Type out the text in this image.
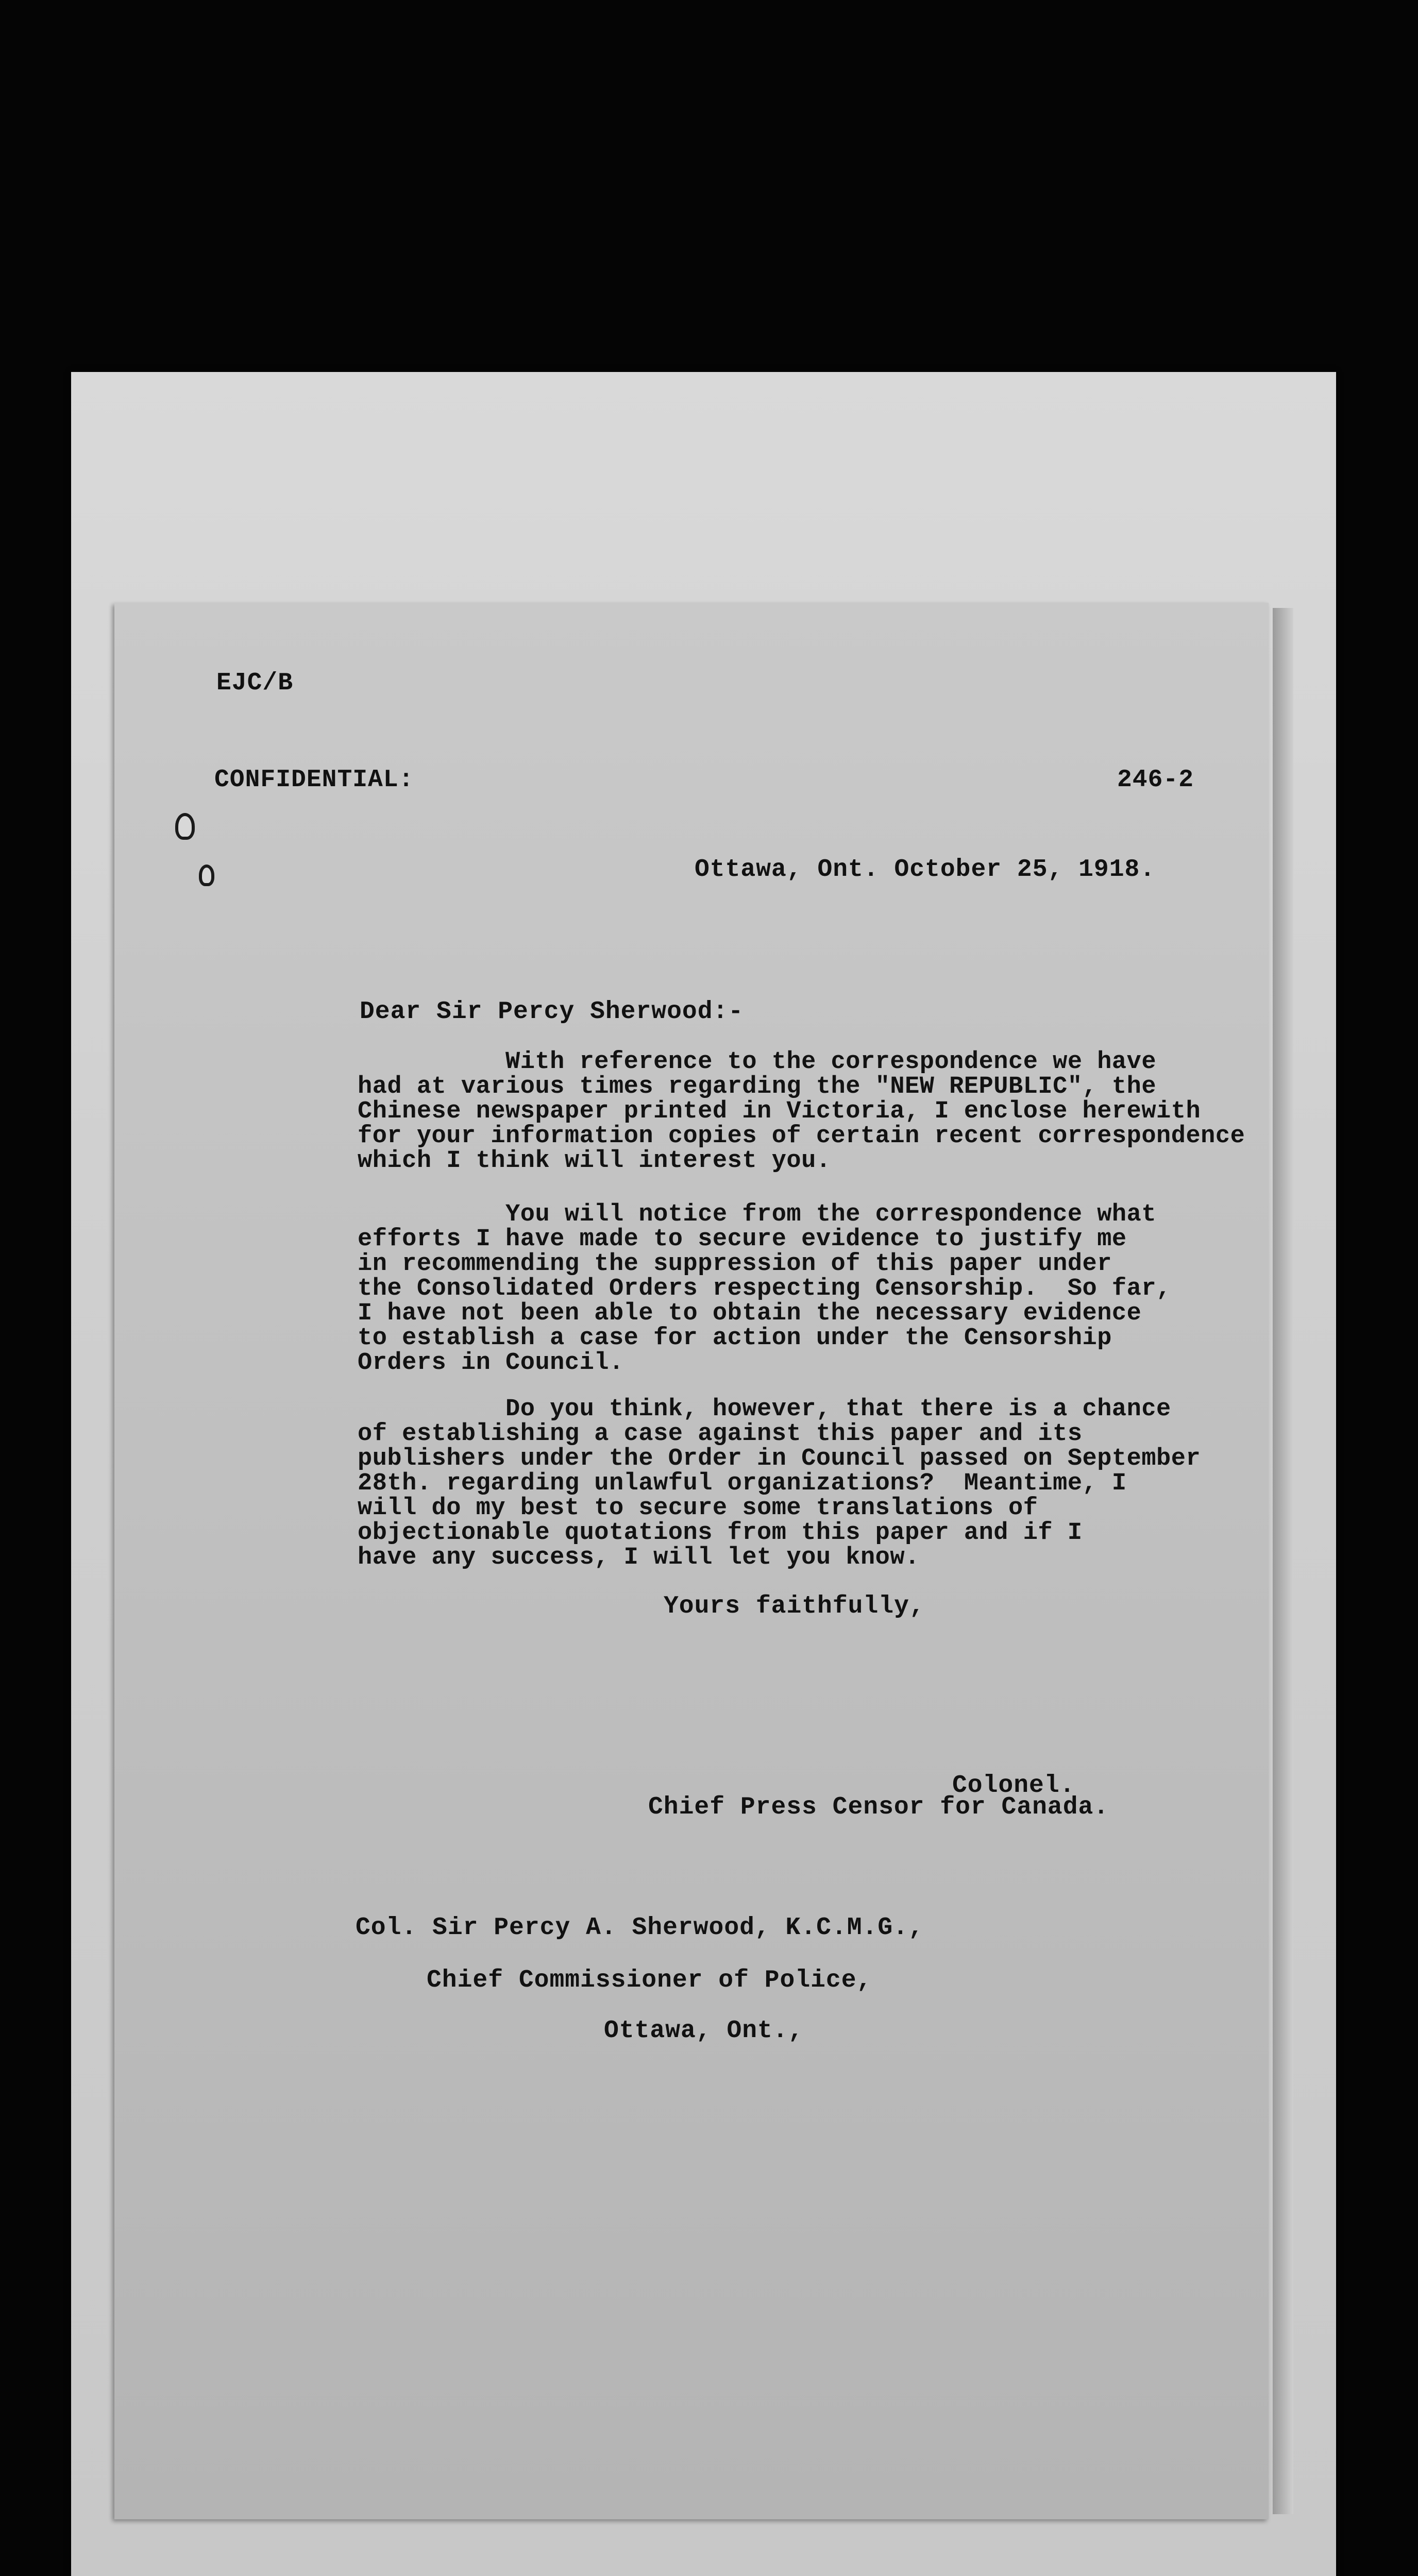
EJC/B
CONFIDENTIAL:	246-2
Ottawa, Ont. October 25, 1918.
Dear Sir Percy Sherwood:-
With reference to the correspondence we have
had at various times regarding the "NEW REPUBLIC", the
Chinese newspaper printed in Victoria, I enclose herewith
for your information copies of certain recent correspondence
which I think will interest you.
You will notice from the correspondence what
efforts I have made to secure evidence to justify me
in recommending the suppression of this paper under
the Consolidated Orders respecting Censorship.  So far,
I have not been able to obtain the necessary evidence
to establish a case for action under the Censorship
Orders in Council.
Do you think, however, that there is a chance
of establishing a case against this paper and its
publishers under the Order in Council passed on September
28th. regarding unlawful organizations?  Meantime, I
will do my best to secure some translations of
objectionable quotations from this paper and if I
have any success, I will let you know.
Yours faithfully,
Colonel.
Chief Press Censor for Canada.
Col. Sir Percy A. Sherwood, K.C.M.G.,
Chief Commissioner of Police,
Ottawa, Ont.,
